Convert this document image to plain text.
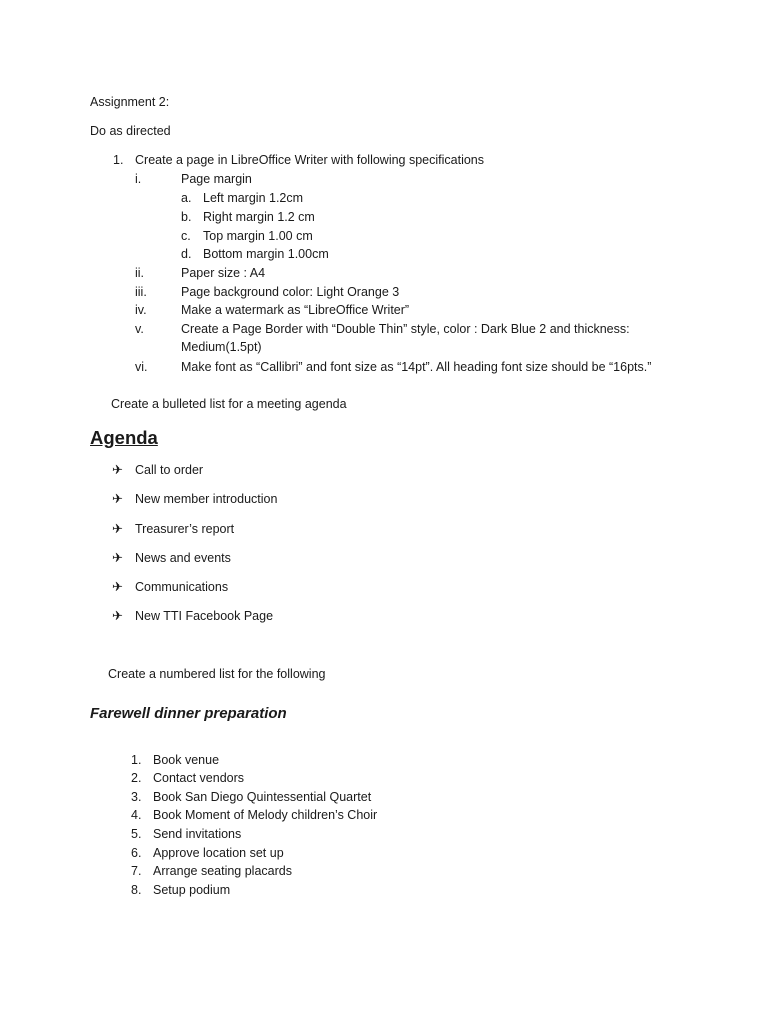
Assignment 2:
Do as directed
1. Create a page in LibreOffice Writer with following specifications
i.	Page margin
a. Left margin 1.2cm
b. Right margin 1.2 cm
c. Top margin 1.00 cm
d. Bottom margin 1.00cm
ii.	Paper size : A4
iii.	Page background color: Light Orange 3
iv.	Make a watermark as “LibreOffice Writer”
v.	Create a Page Border with “Double Thin” style, color : Dark Blue 2 and thickness:
Medium(1.5pt)
vi.	Make font as “Callibri” and font size as “14pt”. All heading font size should be “16pts.”
Create a bulleted list for a meeting agenda
Agenda
✈ Call to order
✈ New member introduction
✈ Treasurer’s report
✈ News and events
✈ Communications
✈ New TTI Facebook Page
Create a numbered list for the following
Farewell dinner preparation
1. Book venue
2. Contact vendors
3. Book San Diego Quintessential Quartet
4. Book Moment of Melody children’s Choir
5. Send invitations
6. Approve location set up
7. Arrange seating placards
8. Setup podium
